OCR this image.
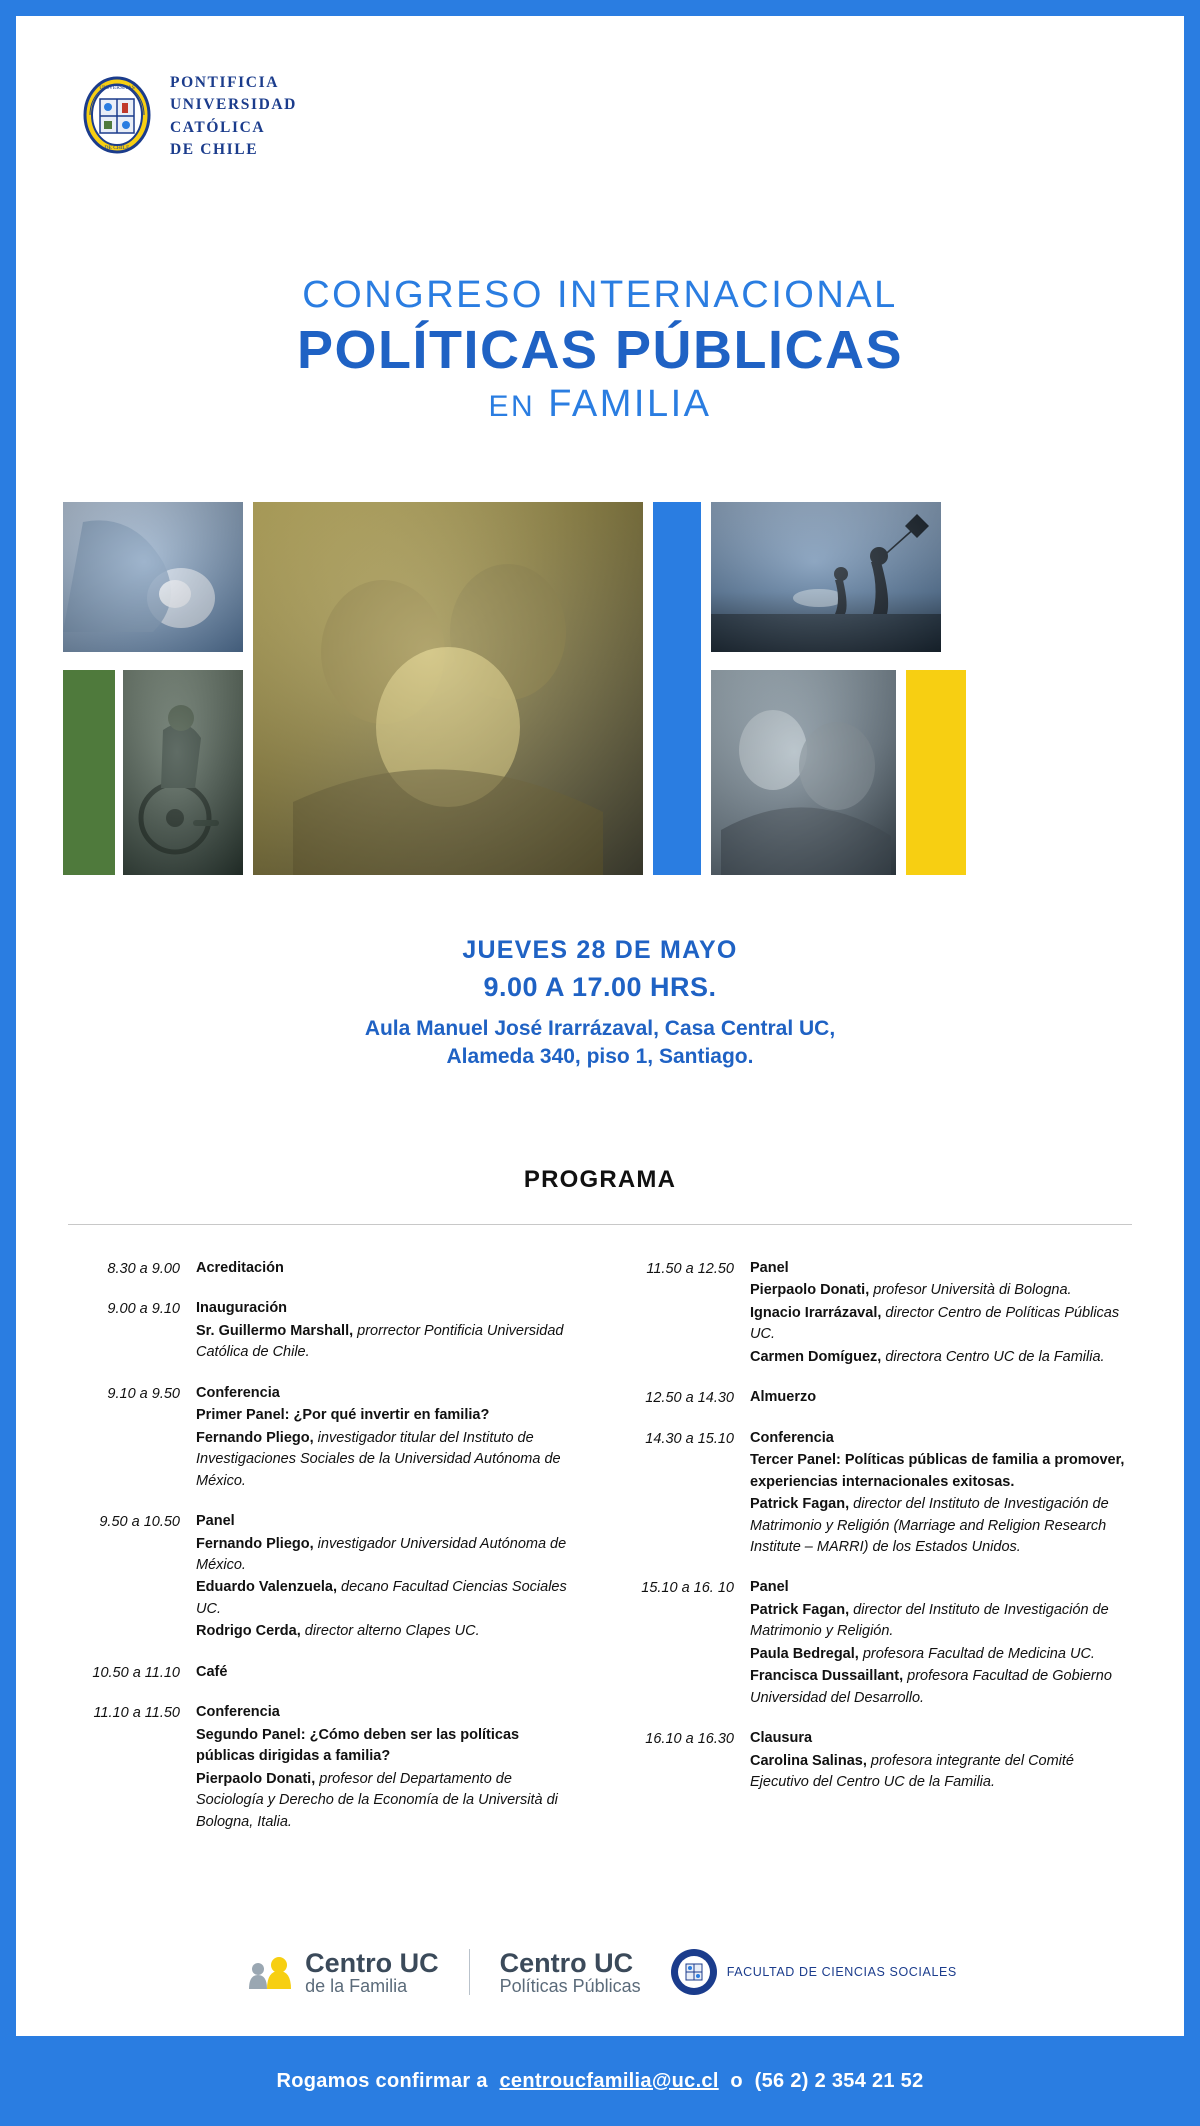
UNIVERSITAS
DE CHILE
PONTIFICIA
UNIVERSIDAD
CATÓLICA
DE CHILE
CONGRESO INTERNACIONAL
POLÍTICAS PÚBLICAS
EN FAMILIA
JUEVES 28 DE MAYO
9.00 A 17.00 HRS.
Aula Manuel José Irarrázaval, Casa Central UC,
Alameda 340, piso 1, Santiago.
PROGRAMA
8.30 a 9.00	Acreditación
9.00 a 9.10	Inauguración
Sr. Guillermo Marshall, prorrector Pontificia Universidad Católica de Chile.
9.10 a 9.50	Conferencia
Primer Panel: ¿Por qué invertir en familia?
Fernando Pliego, investigador titular del Instituto de Investigaciones Sociales de la Universidad Autónoma de México.
9.50 a 10.50	Panel
Fernando Pliego, investigador Universidad Autónoma de México.
Eduardo Valenzuela, decano Facultad Ciencias Sociales UC.
Rodrigo Cerda, director alterno Clapes UC.
10.50 a 11.10	Café
11.10 a 11.50	Conferencia
Segundo Panel: ¿Cómo deben ser las políticas públicas dirigidas a familia?
Pierpaolo Donati, profesor del Departamento de Sociología y Derecho de la Economía de la Università di Bologna, Italia.
11.50 a 12.50	Panel
Pierpaolo Donati, profesor Università di Bologna.
Ignacio Irarrázaval, director Centro de Políticas Públicas UC.
Carmen Domíguez, directora Centro UC de la Familia.
12.50 a 14.30	Almuerzo
14.30 a 15.10	Conferencia
Tercer Panel: Políticas públicas de familia a promover, experiencias internacionales exitosas.
Patrick Fagan, director del Instituto de Investigación de Matrimonio y Religión (Marriage and Religion Research Institute – MARRI) de los Estados Unidos.
15.10 a 16. 10	Panel
Patrick Fagan, director del Instituto de Investigación de Matrimonio y Religión.
Paula Bedregal, profesora Facultad de Medicina UC.
Francisca Dussaillant, profesora Facultad de Gobierno Universidad del Desarrollo.
16.10 a 16.30	Clausura
Carolina Salinas, profesora integrante del Comité Ejecutivo del Centro UC de la Familia.
Centro UC
de la Familia
Centro UC
Políticas Públicas
FACULTAD DE CIENCIAS SOCIALES
Rogamos confirmar a centroucfamilia@uc.cl o (56 2) 2 354 21 52
